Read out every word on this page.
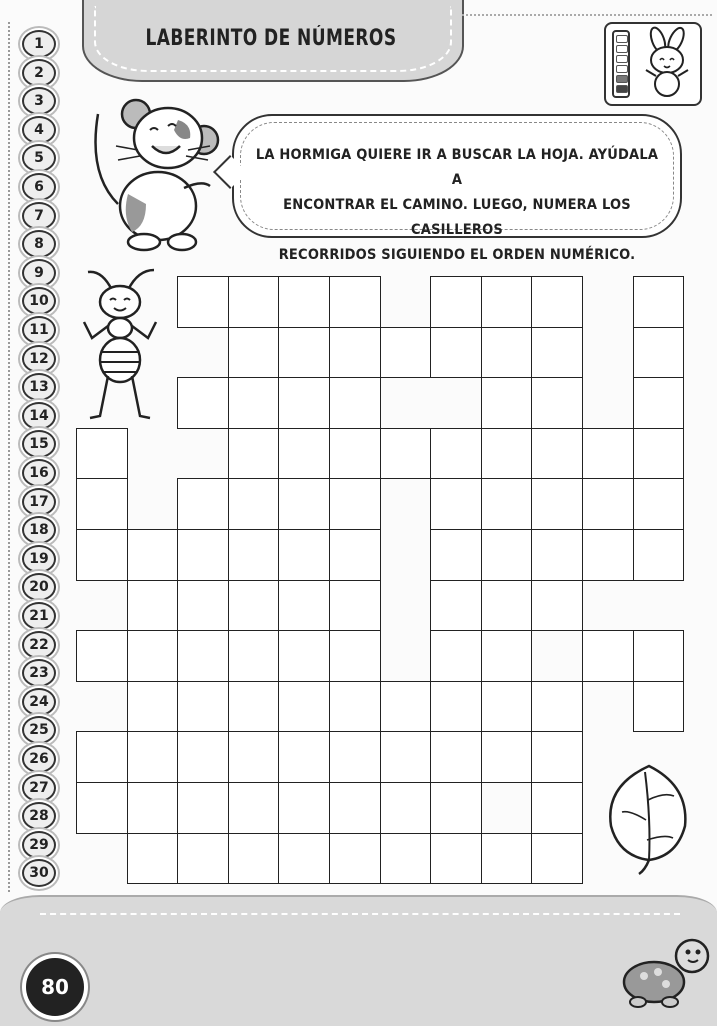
LABERINTO DE NÚMEROS
1
2
3
4
5
6
7
8
9
10
11
12
13
14
15
16
17
18
19
20
21
22
23
24
25
26
27
28
29
30
LA HORMIGA QUIERE IR A BUSCAR LA HOJA. AYÚDALA A
ENCONTRAR EL CAMINO. LUEGO, NUMERA LOS CASILLEROS
RECORRIDOS SIGUIENDO EL ORDEN NUMÉRICO.
80
